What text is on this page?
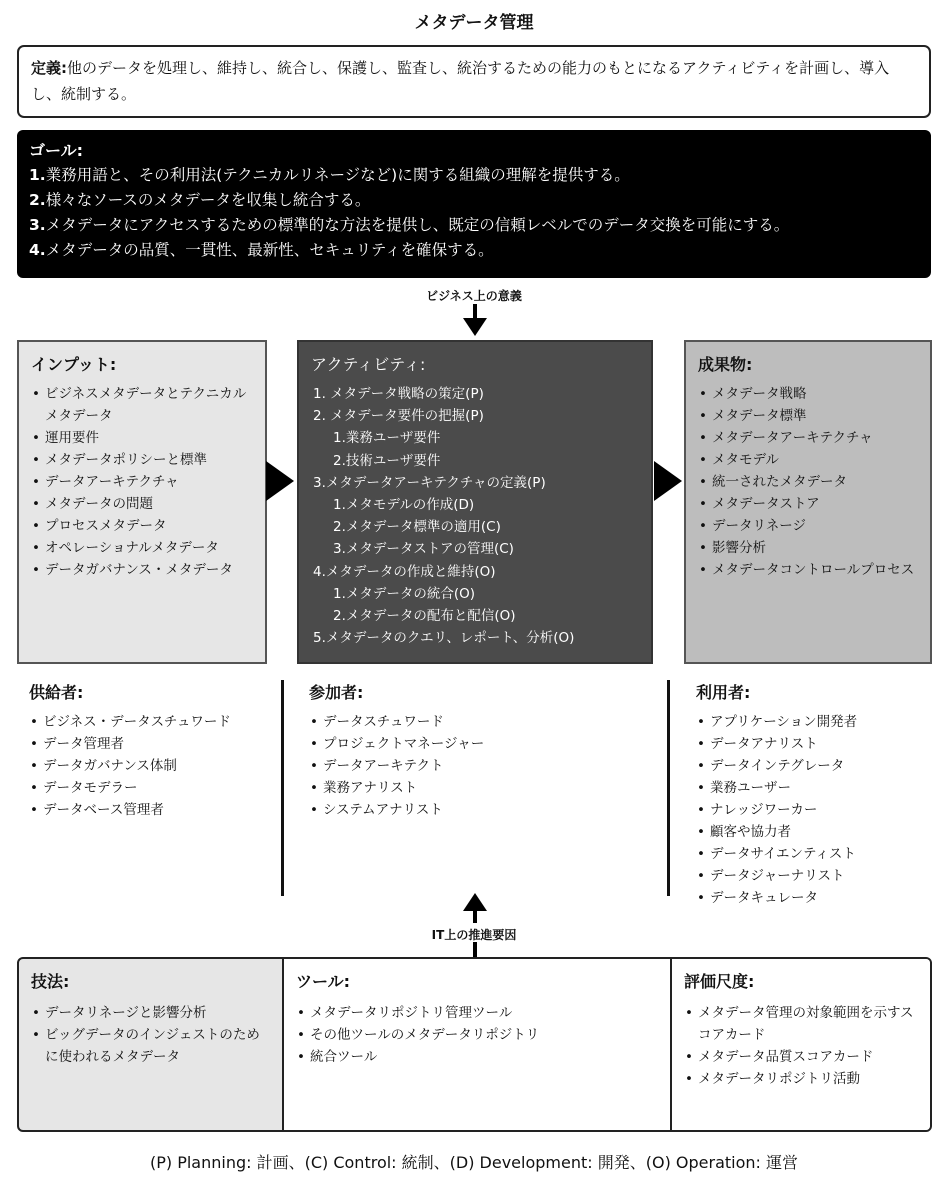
メタデータ管理
定義:他のデータを処理し、維持し、統合し、保護し、監査し、統治するための能力のもとになるアクティビティを計画し、導入し、統制する。
ゴール:
1.業務用語と、その利用法(テクニカルリネージなど)に関する組織の理解を提供する。
2.様々なソースのメタデータを収集し統合する。
3.メタデータにアクセスするための標準的な方法を提供し、既定の信頼レベルでのデータ交換を可能にする。
4.メタデータの品質、一貫性、最新性、セキュリティを確保する。
ビジネス上の意義
インプット:
• ビジネスメタデータとテクニカルメタデータ
• 運用要件
• メタデータポリシーと標準
• データアーキテクチャ
• メタデータの問題
• プロセスメタデータ
• オペレーショナルメタデータ
• データガバナンス・メタデータ
アクティビティ:
1. メタデータ戦略の策定(P)
2. メタデータ要件の把握(P)
1.業務ユーザ要件
2.技術ユーザ要件
3.メタデータアーキテクチャの定義(P)
1.メタモデルの作成(D)
2.メタデータ標準の適用(C)
3.メタデータストアの管理(C)
4.メタデータの作成と維持(O)
1.メタデータの統合(O)
2.メタデータの配布と配信(O)
5.メタデータのクエリ、レポート、分析(O)
成果物:
• メタデータ戦略
• メタデータ標準
• メタデータアーキテクチャ
• メタモデル
• 統一されたメタデータ
• メタデータストア
• データリネージ
• 影響分析
• メタデータコントロールプロセス
供給者:
• ビジネス・データスチュワード
• データ管理者
• データガバナンス体制
• データモデラー
• データベース管理者
参加者:
• データスチュワード
• プロジェクトマネージャー
• データアーキテクト
• 業務アナリスト
• システムアナリスト
利用者:
• アプリケーション開発者
• データアナリスト
• データインテグレータ
• 業務ユーザー
• ナレッジワーカー
• 顧客や協力者
• データサイエンティスト
• データジャーナリスト
• データキュレータ
IT上の推進要因
技法:
• データリネージと影響分析
• ビッグデータのインジェストのために使われるメタデータ
ツール:
• メタデータリポジトリ管理ツール
• その他ツールのメタデータリポジトリ
• 統合ツール
評価尺度:
• メタデータ管理の対象範囲を示すスコアカード
• メタデータ品質スコアカード
• メタデータリポジトリ活動
(P) Planning: 計画、(C) Control: 統制、(D) Development: 開発、(O) Operation: 運営
